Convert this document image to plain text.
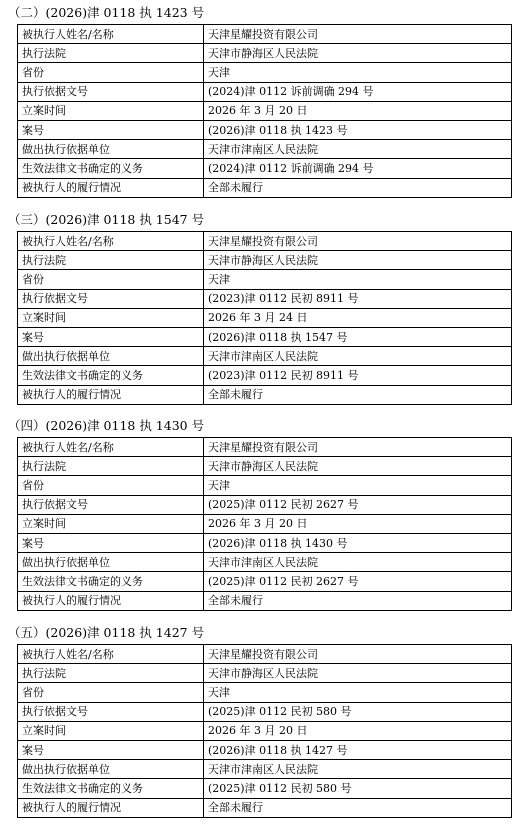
（二）(2026)津 0118 执 1423 号
被执行人姓名/名称	天津星耀投资有限公司
执行法院	天津市静海区人民法院
省份	天津
执行依据文号	(2024)津 0112 诉前调确 294 号
立案时间	2026 年 3 月 20 日
案号	(2026)津 0118 执 1423 号
做出执行依据单位	天津市津南区人民法院
生效法律文书确定的义务	(2024)津 0112 诉前调确 294 号
被执行人的履行情况	全部未履行
（三）(2026)津 0118 执 1547 号
被执行人姓名/名称	天津星耀投资有限公司
执行法院	天津市静海区人民法院
省份	天津
执行依据文号	(2023)津 0112 民初 8911 号
立案时间	2026 年 3 月 24 日
案号	(2026)津 0118 执 1547 号
做出执行依据单位	天津市津南区人民法院
生效法律文书确定的义务	(2023)津 0112 民初 8911 号
被执行人的履行情况	全部未履行
（四）(2026)津 0118 执 1430 号
被执行人姓名/名称	天津星耀投资有限公司
执行法院	天津市静海区人民法院
省份	天津
执行依据文号	(2025)津 0112 民初 2627 号
立案时间	2026 年 3 月 20 日
案号	(2026)津 0118 执 1430 号
做出执行依据单位	天津市津南区人民法院
生效法律文书确定的义务	(2025)津 0112 民初 2627 号
被执行人的履行情况	全部未履行
（五）(2026)津 0118 执 1427 号
被执行人姓名/名称	天津星耀投资有限公司
执行法院	天津市静海区人民法院
省份	天津
执行依据文号	(2025)津 0112 民初 580 号
立案时间	2026 年 3 月 20 日
案号	(2026)津 0118 执 1427 号
做出执行依据单位	天津市津南区人民法院
生效法律文书确定的义务	(2025)津 0112 民初 580 号
被执行人的履行情况	全部未履行
